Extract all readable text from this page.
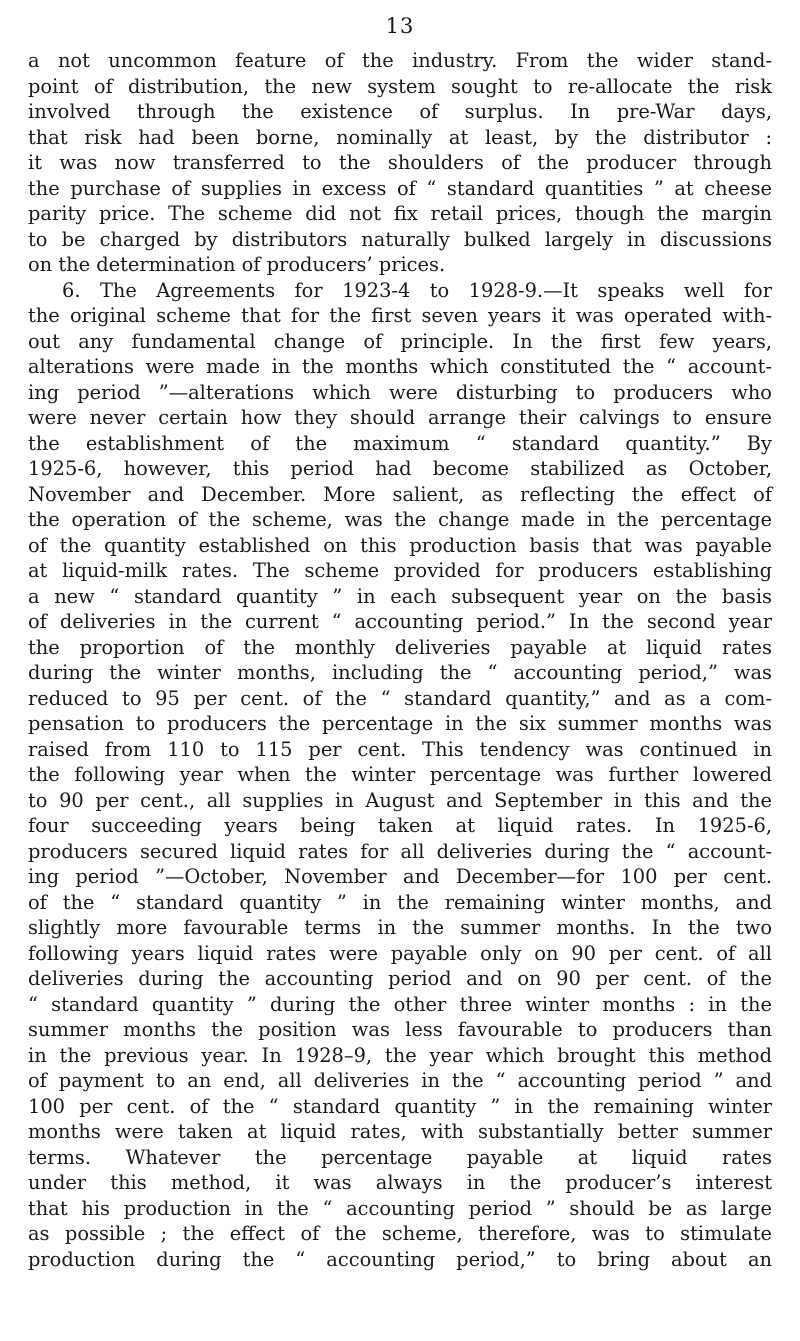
13
a not uncommon feature of the industry. From the wider stand-
point of distribution, the new system sought to re-allocate the risk
involved through the existence of surplus. In pre-War days,
that risk had been borne, nominally at least, by the distributor :
it was now transferred to the shoulders of the producer through
the purchase of supplies in excess of “ standard quantities ” at cheese
parity price. The scheme did not fix retail prices, though the margin
to be charged by distributors naturally bulked largely in discussions
on the determination of producers’ prices.
6. The Agreements for 1923-4 to 1928-9.—It speaks well for
the original scheme that for the first seven years it was operated with-
out any fundamental change of principle. In the first few years,
alterations were made in the months which constituted the “ account-
ing period ”—alterations which were disturbing to producers who
were never certain how they should arrange their calvings to ensure
the establishment of the maximum “ standard quantity.” By
1925-6, however, this period had become stabilized as October,
November and December. More salient, as reflecting the effect of
the operation of the scheme, was the change made in the percentage
of the quantity established on this production basis that was payable
at liquid-milk rates. The scheme provided for producers establishing
a new “ standard quantity ” in each subsequent year on the basis
of deliveries in the current “ accounting period.” In the second year
the proportion of the monthly deliveries payable at liquid rates
during the winter months, including the “ accounting period,” was
reduced to 95 per cent. of the “ standard quantity,” and as a com-
pensation to producers the percentage in the six summer months was
raised from 110 to 115 per cent. This tendency was continued in
the following year when the winter percentage was further lowered
to 90 per cent., all supplies in August and September in this and the
four succeeding years being taken at liquid rates. In 1925-6,
producers secured liquid rates for all deliveries during the “ account-
ing period ”—October, November and December—for 100 per cent.
of the “ standard quantity ” in the remaining winter months, and
slightly more favourable terms in the summer months. In the two
following years liquid rates were payable only on 90 per cent. of all
deliveries during the accounting period and on 90 per cent. of the
“ standard quantity ” during the other three winter months : in the
summer months the position was less favourable to producers than
in the previous year. In 1928–9, the year which brought this method
of payment to an end, all deliveries in the “ accounting period ” and
100 per cent. of the “ standard quantity ” in the remaining winter
months were taken at liquid rates, with substantially better summer
terms. Whatever the percentage payable at liquid rates
under this method, it was always in the producer’s interest
that his production in the “ accounting period ” should be as large
as possible ; the effect of the scheme, therefore, was to stimulate
production during the “ accounting period,” to bring about an
